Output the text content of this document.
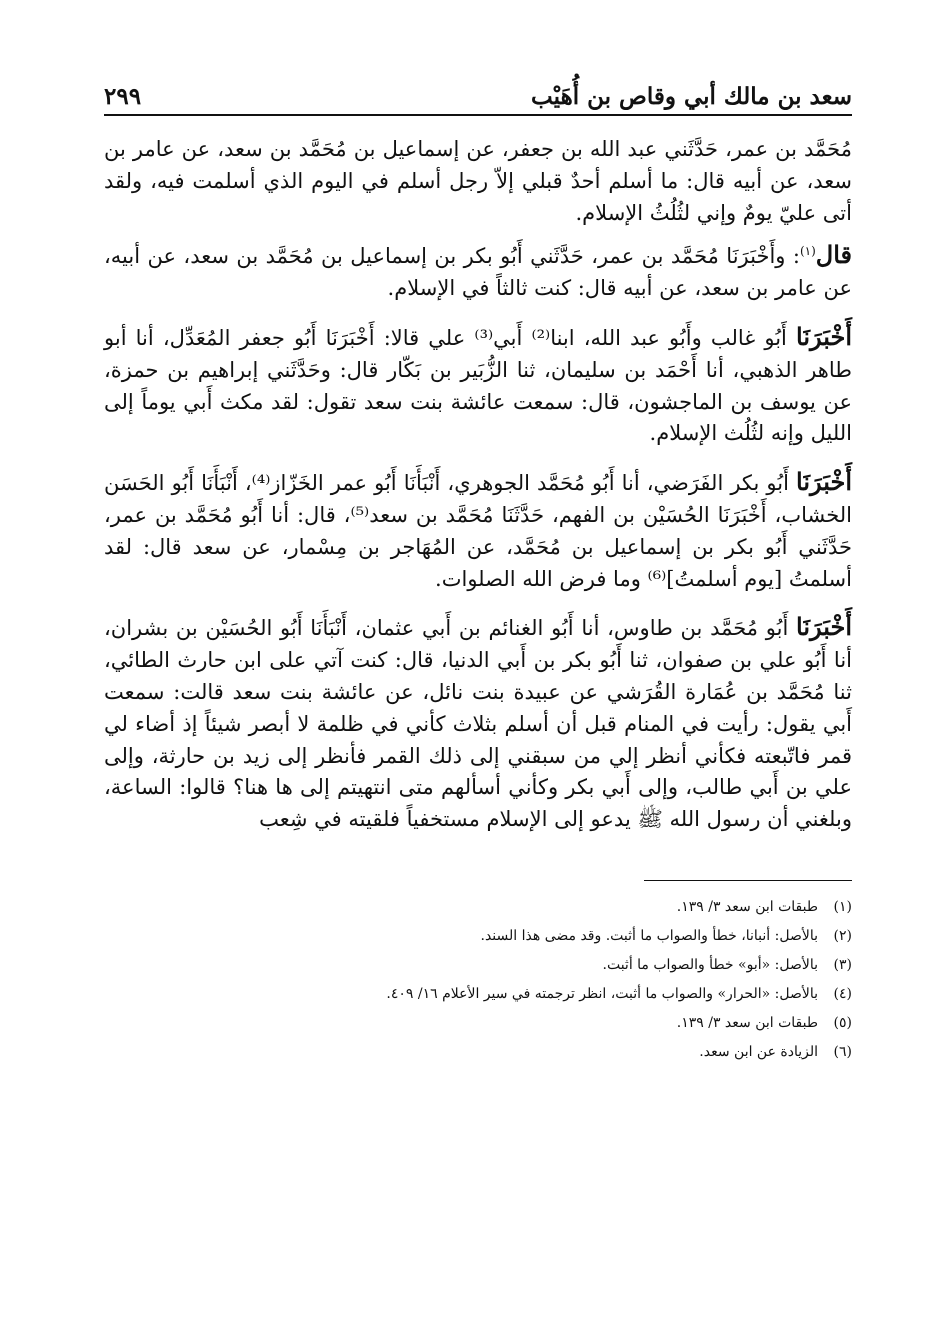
سعد بن مالك أبي وقاص بن أُهَيْب
٢٩٩

مُحَمَّد بن عمر، حَدَّثَني عبد الله بن جعفر، عن إسماعيل بن مُحَمَّد بن سعد، عن عامر بن سعد، عن أبيه قال: ما أسلم أحدٌ قبلي إلاّ رجل أسلم في اليوم الذي أسلمت فيه، ولقد أتى عليّ يومٌ وإني لثُلُثُ الإسلام.

قال$^{(١)}$: وأَخْبَرَنَا مُحَمَّد بن عمر، حَدَّثَني أَبُو بكر بن إسماعيل بن مُحَمَّد بن سعد، عن أبيه، عن عامر بن سعد، عن أبيه قال: كنت ثالثاً في الإسلام.

أَخْبَرَنَا أَبُو غالب وأَبُو عبد الله، ابنا⁽²⁾ أَبي⁽³⁾ علي قالا: أَخْبَرَنَا أَبُو جعفر المُعَدِّل، أنا أبو طاهر الذهبي، أنا أَحْمَد بن سليمان، ثنا الزُّبَير بن بَكّار قال: وحَدَّثَني إبراهيم بن حمزة، عن يوسف بن الماجشون، قال: سمعت عائشة بنت سعد تقول: لقد مكث أَبي يوماً إلى الليل وإنه لثُلُث الإسلام.

أَخْبَرَنَا أَبُو بكر الفَرَضي، أنا أَبُو مُحَمَّد الجوهري، أَنْبَأَنَا أَبُو عمر الخَزّاز⁽⁴⁾، أَنْبَأَنَا أَبُو الحَسَن الخشاب، أَخْبَرَنَا الحُسَيْن بن الفهم، حَدَّثَنَا مُحَمَّد بن سعد⁽⁵⁾، قال: أنا أَبُو مُحَمَّد بن عمر، حَدَّثَني أَبُو بكر بن إسماعيل بن مُحَمَّد، عن المُهَاجر بن مِسْمار، عن سعد قال: لقد أسلمتُ [يوم أسلمتُ]⁽⁶⁾ وما فرض الله الصلوات.

أَخْبَرَنَا أَبُو مُحَمَّد بن طاوس، أنا أَبُو الغنائم بن أَبي عثمان، أَنْبَأَنَا أَبُو الحُسَيْن بن بشران، أنا أَبُو علي بن صفوان، ثنا أَبُو بكر بن أَبي الدنيا، قال: كنت آتي على ابن حارث الطائي، ثنا مُحَمَّد بن عُمَارة القُرَشي عن عبيدة بنت نائل، عن عائشة بنت سعد قالت: سمعت أَبي يقول: رأيت في المنام قبل أن أسلم بثلاث كأني في ظلمة لا أبصر شيئاً إذ أضاء لي قمر فاتّبعته فكأني أنظر إلي من سبقني إلى ذلك القمر فأنظر إلى زيد بن حارثة، وإلى علي بن أَبي طالب، وإلى أَبي بكر وكأني أسألهم متى انتهيتم إلى ها هنا؟ قالوا: الساعة، وبلغني أن رسول الله ﷺ يدعو إلى الإسلام مستخفياً فلقيته في شِعب

(١)
طبقات ابن سعد ٣/ ١٣٩.
(٢)
بالأصل: أنبانا، خطأ والصواب ما أثبت. وقد مضى هذا السند.
(٣)
بالأصل: «أبو» خطأ والصواب ما أثبت.
(٤)
بالأصل: «الحرار» والصواب ما أثبت، انظر ترجمته في سير الأعلام ١٦/ ٤٠٩.
(٥)
طبقات ابن سعد ٣/ ١٣٩.
(٦)
الزيادة عن ابن سعد.
